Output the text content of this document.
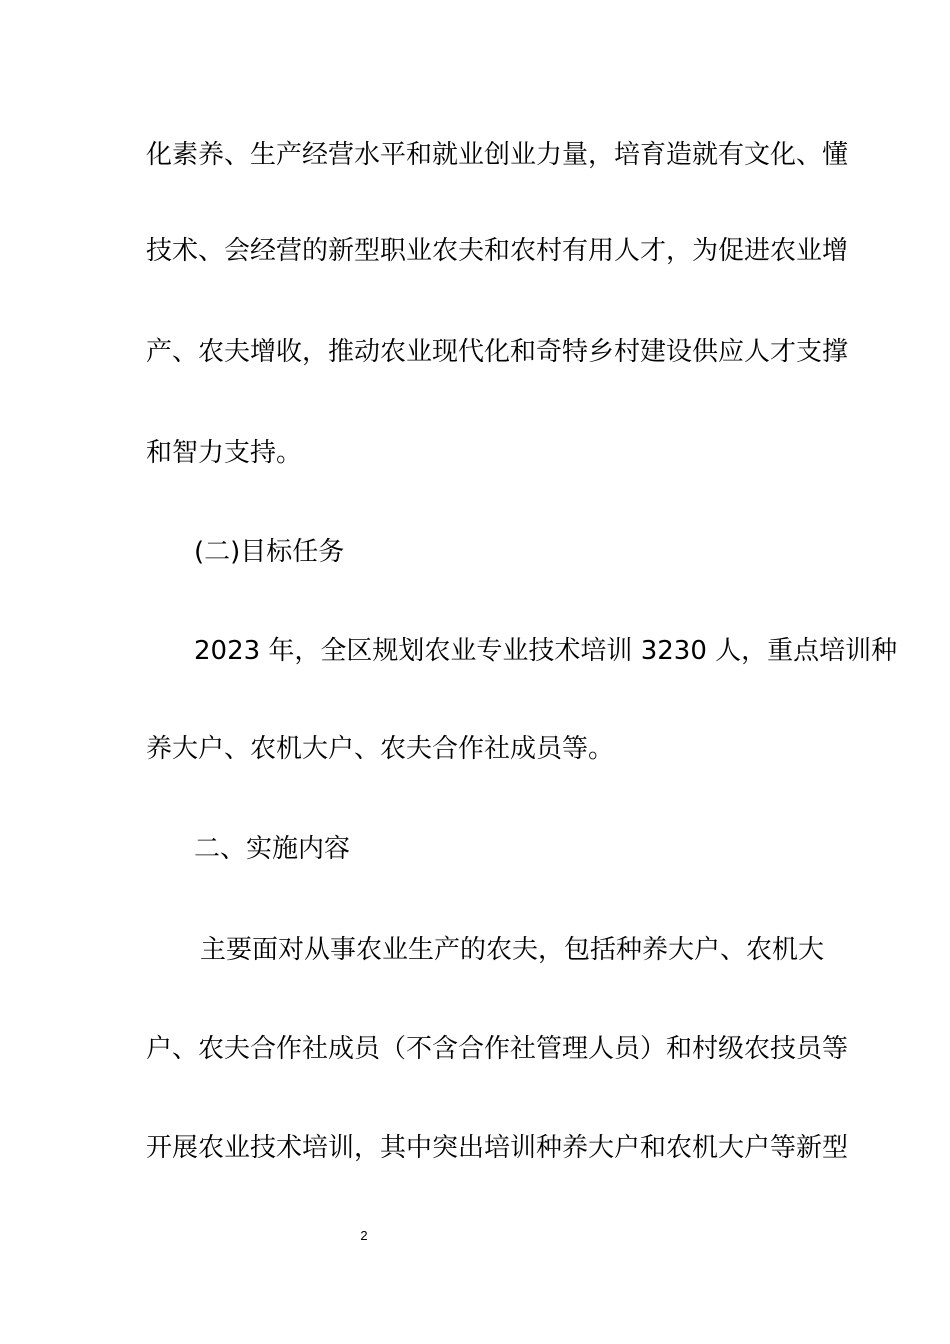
化素养、生产经营水平和就业创业力量，培育造就有文化、懂
技术、会经营的新型职业农夫和农村有用人才，为促进农业增
产、农夫增收，推动农业现代化和奇特乡村建设供应人才支撑
和智力支持。
(二)目标任务
2023 年，全区规划农业专业技术培训 3230 人，重点培训种
养大户、农机大户、农夫合作社成员等。
二、实施内容
主要面对从事农业生产的农夫，包括种养大户、农机大
户、农夫合作社成员（不含合作社管理人员）和村级农技员等
开展农业技术培训，其中突出培训种养大户和农机大户等新型
2
